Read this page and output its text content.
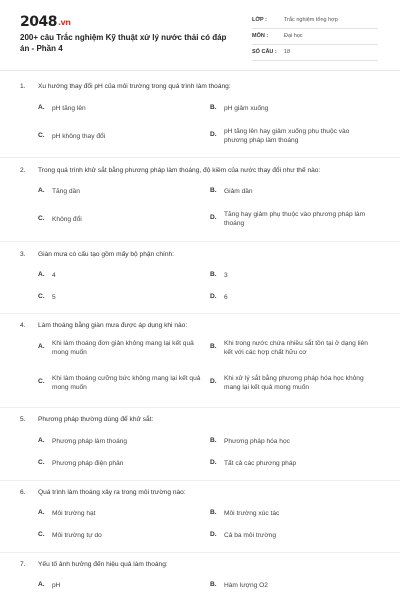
2048.vn
200+ câu Trắc nghiệm Kỹ thuật xử lý nước thải có đáp án - Phần 4
LỚP :	Trắc nghiệm tổng hợp
MÔN :	Đại học
SỐ CÂU : 18
1. Xu hướng thay đổi pH của môi trường trong quá trình làm thoáng:
A. pH tăng lên	B. pH giảm xuống
C. pH không thay đổi	D. pH tăng lên hay giảm xuống phụ thuộc vào phương pháp làm thoáng
2. Trong quá trình khử sắt bằng phương pháp làm thoáng, độ kiềm của nước thay đổi như thế nào:
A. Tăng dần	B. Giảm dần
C. Không đổi	D. Tăng hay giảm phụ thuộc vào phương pháp làm thoáng
3. Giàn mưa có cấu tạo gồm mấy bộ phận chính:
A. 4	B. 3
C. 5	D. 6
4. Làm thoáng bằng giàn mưa được áp dụng khi nào:
A. Khi làm thoáng đơn giản không mang lại kết quả mong muốn
B. Khi trong nước chứa nhiều sắt tồn tại ở dạng liên kết với các hợp chất hữu cơ
C. Khi làm thoáng cưỡng bức không mang lại kết quả mong muốn
D. Khi xử lý sắt bằng phương pháp hóa học không mang lại kết quả mong muốn
5. Phương pháp thường dùng để khử sắt:
A. Phương pháp làm thoáng	B. Phương pháp hóa học
C. Phương pháp điện phân	D. Tất cả các phương pháp
6. Quá trình làm thoáng xảy ra trong môi trường nào:
A. Môi trường hạt	B. Môi trường xúc tác
C. Môi trường tự do	D. Cả ba môi trường
7. Yếu tố ảnh hưởng đến hiệu quả làm thoáng:
A. pH	B. Hàm lượng O2
